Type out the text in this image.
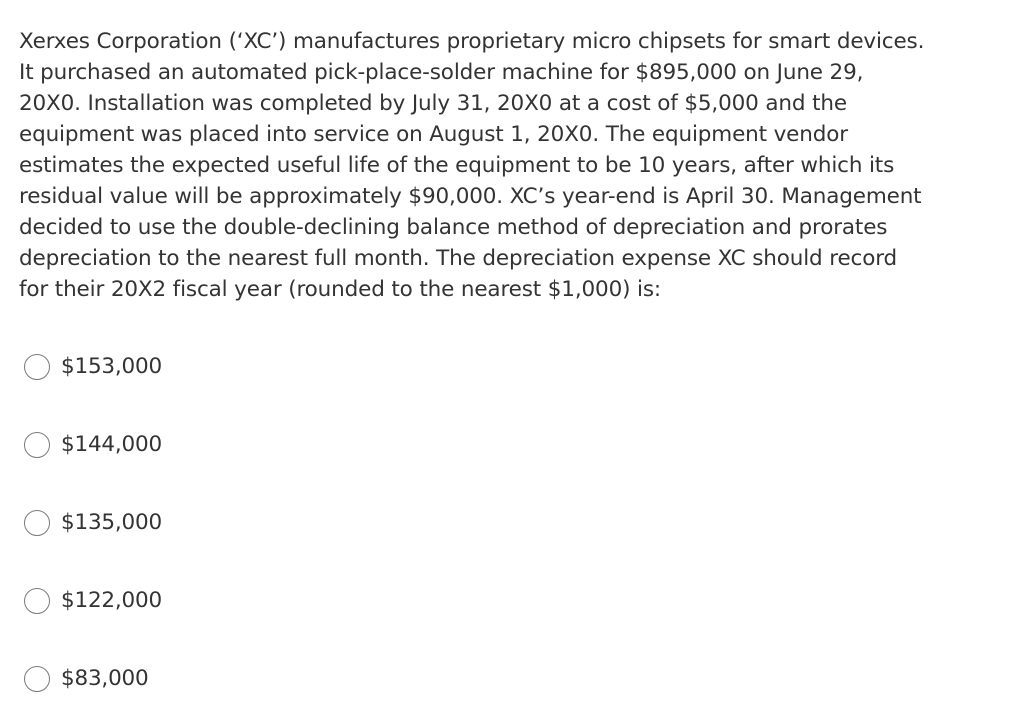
Xerxes Corporation (‘XC’) manufactures proprietary micro chipsets for smart devices.
It purchased an automated pick-place-solder machine for $895,000 on June 29,
20X0. Installation was completed by July 31, 20X0 at a cost of $5,000 and the
equipment was placed into service on August 1, 20X0. The equipment vendor
estimates the expected useful life of the equipment to be 10 years, after which its
residual value will be approximately $90,000. XC’s year-end is April 30. Management
decided to use the double-declining balance method of depreciation and prorates
depreciation to the nearest full month. The depreciation expense XC should record
for their 20X2 fiscal year (rounded to the nearest $1,000) is:
$153,000
$144,000
$135,000
$122,000
$83,000
